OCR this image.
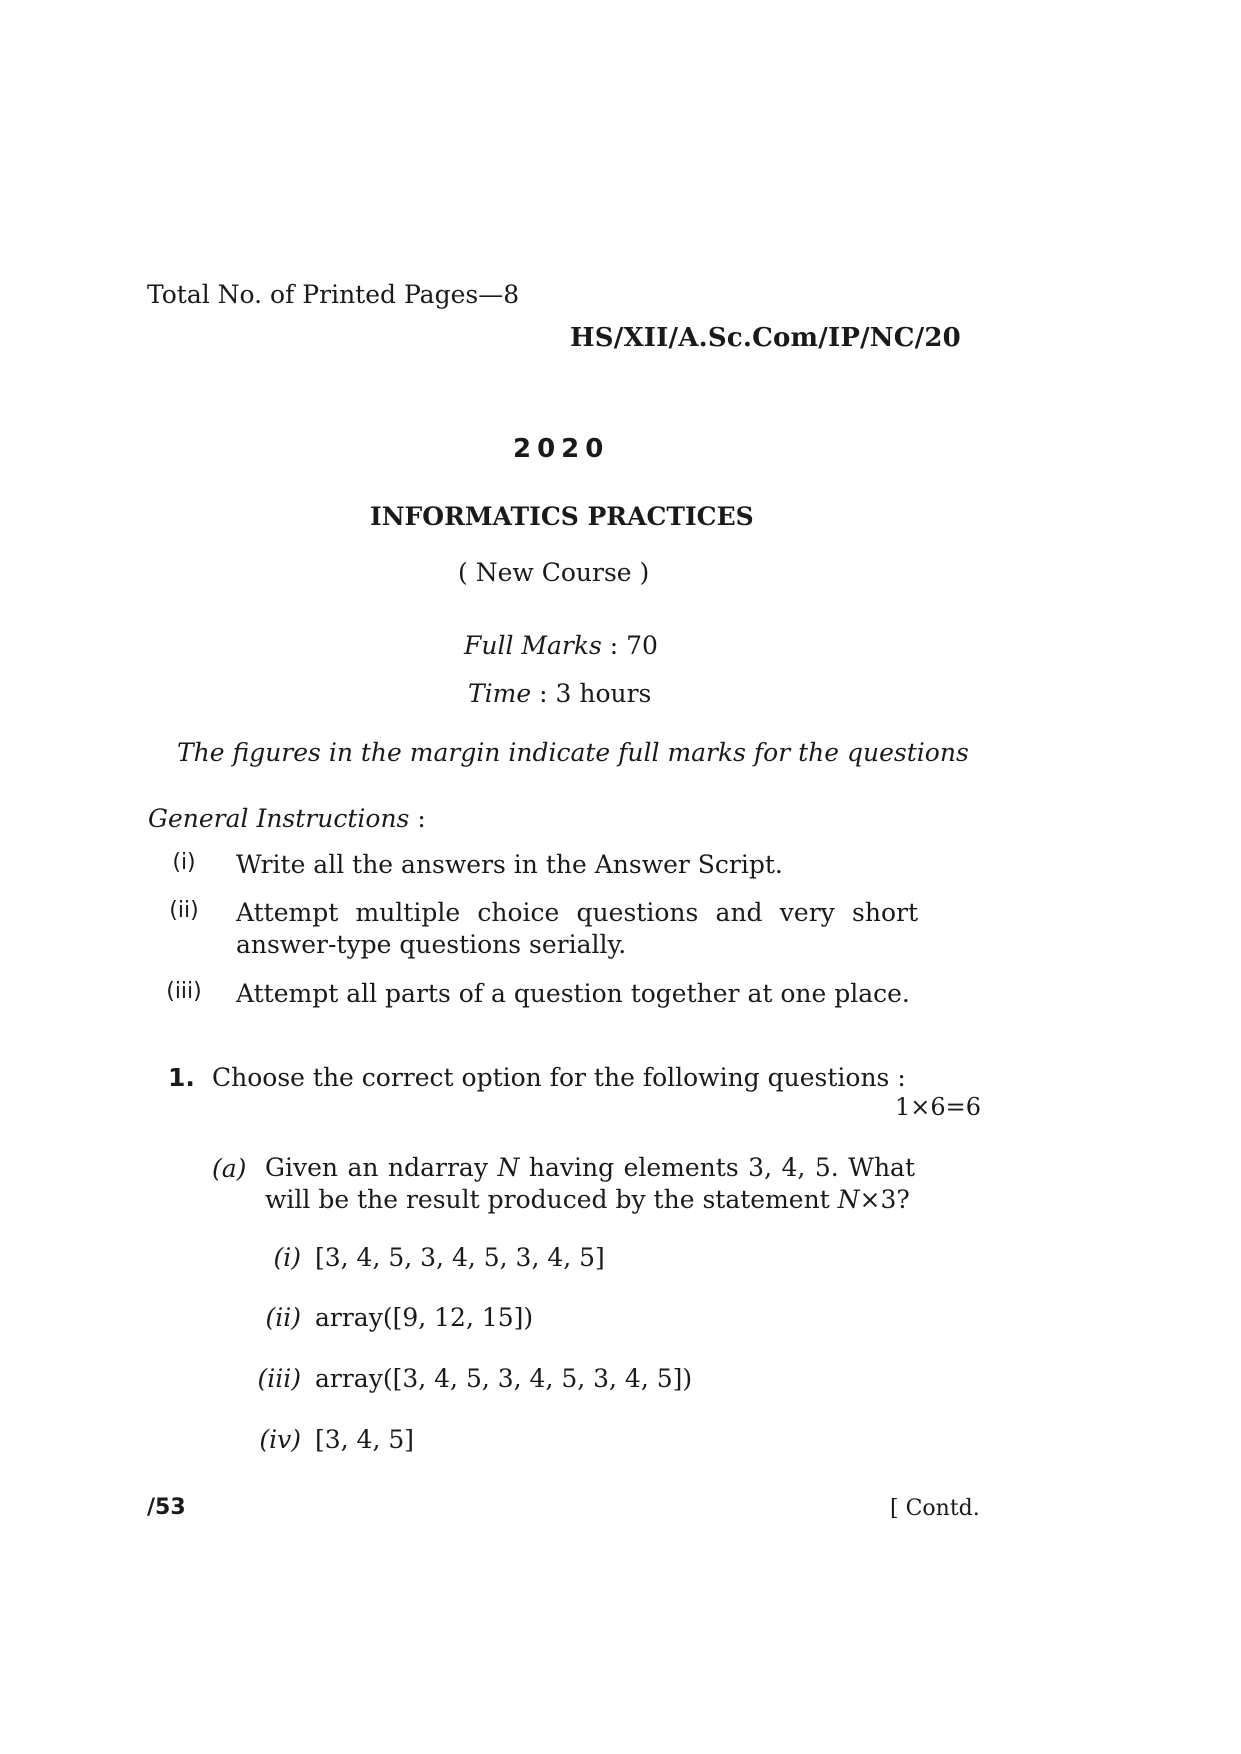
Total No. of Printed Pages—8
HS/XII/A.Sc.Com/IP/NC/20
2020
INFORMATICS PRACTICES
( New Course )
Full Marks : 70
Time : 3 hours
The figures in the margin indicate full marks for the questions
General Instructions :
(i)	Write all the answers in the Answer Script.
(ii)	Attempt multiple choice questions and very short
answer-type questions serially.
(iii)	Attempt all parts of a question together at one place.
1. Choose the correct option for the following questions :
1×6=6
(a) Given an ndarray N having elements 3, 4, 5. What
will be the result produced by the statement N×3?
(i) [3, 4, 5, 3, 4, 5, 3, 4, 5]
(ii) array([9, 12, 15])
(iii) array([3, 4, 5, 3, 4, 5, 3, 4, 5])
(iv) [3, 4, 5]
/53	[ Contd.
